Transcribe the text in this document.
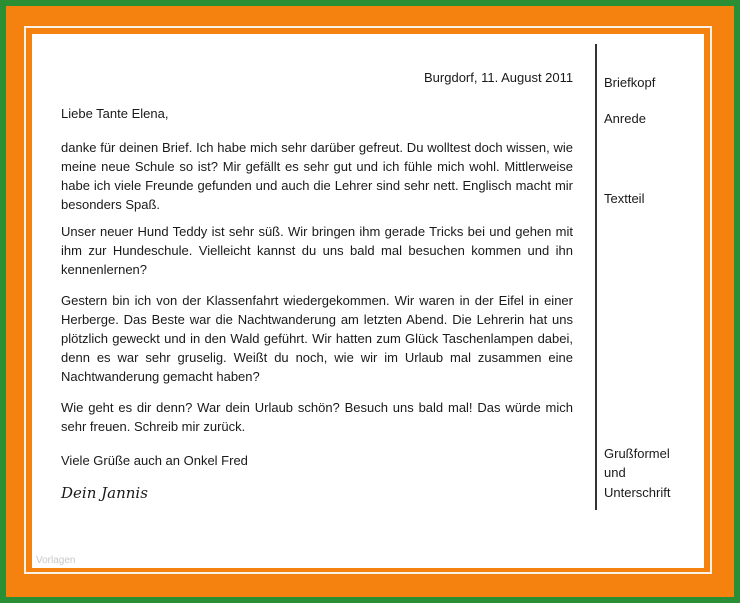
Burgdorf, 11. August 2011
Liebe Tante Elena,
danke für deinen Brief. Ich habe mich sehr darüber gefreut. Du wolltest doch wissen, wie meine neue Schule so ist? Mir gefällt es sehr gut und ich fühle mich wohl. Mittlerweise habe ich viele Freunde gefunden und auch die Lehrer sind sehr nett. Englisch macht mir besonders Spaß.
Unser neuer Hund Teddy ist sehr süß. Wir bringen ihm gerade Tricks bei und gehen mit ihm zur Hundeschule. Vielleicht kannst du uns bald mal besuchen kommen und ihn kennenlernen?
Gestern bin ich von der Klassenfahrt wiedergekommen. Wir waren in der Eifel in einer Herberge. Das Beste war die Nachtwanderung am letzten Abend. Die Lehrerin hat uns plötzlich geweckt und in den Wald geführt. Wir hatten zum Glück Taschenlampen dabei, denn es war sehr gruselig. Weißt du noch, wie wir im Urlaub mal zusammen eine Nachtwanderung gemacht haben?
Wie geht es dir denn? War dein Urlaub schön? Besuch uns bald mal! Das würde mich sehr freuen. Schreib mir zurück.
Viele Grüße auch an Onkel Fred
Dein Jannis
Briefkopf
Anrede
Textteil
Grußformel
und
Unterschrift
Vorlagen
